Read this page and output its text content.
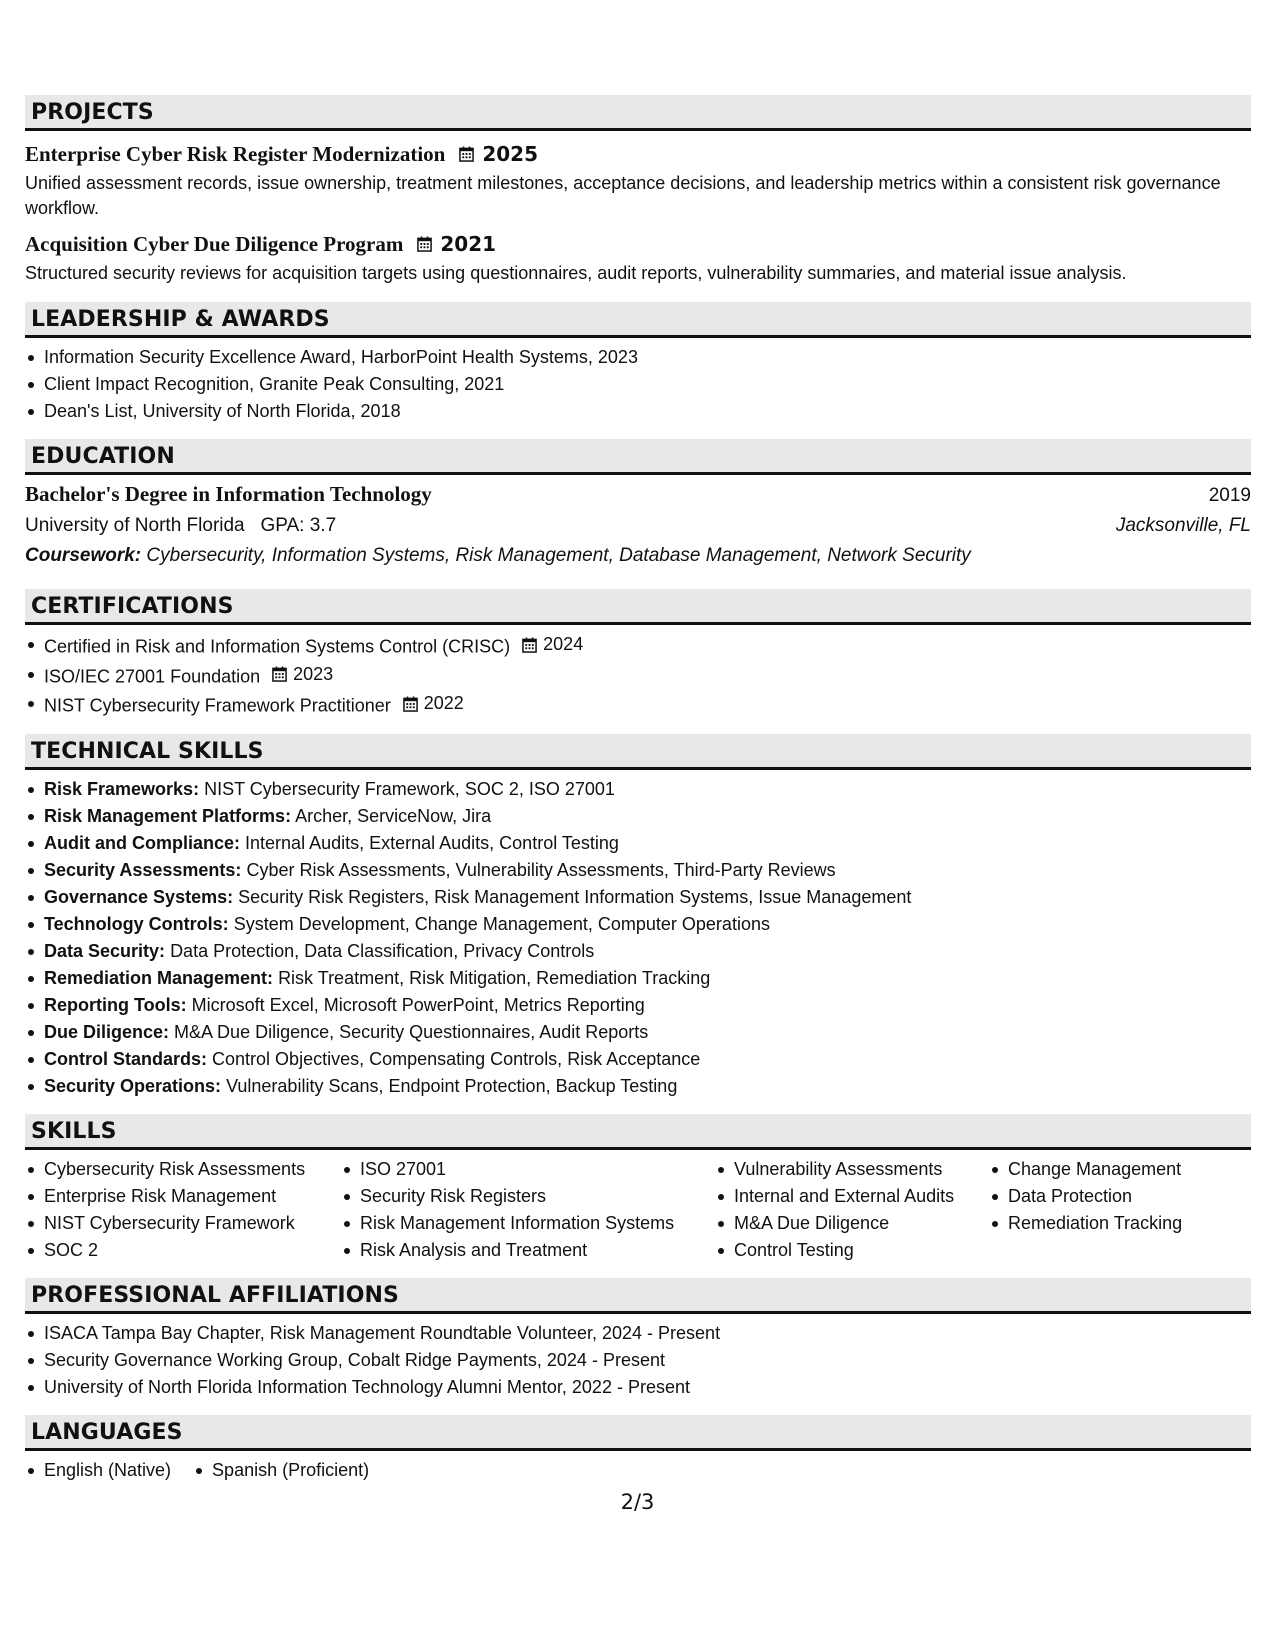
PROJECTS
Enterprise Cyber Risk Register Modernization 2025
Unified assessment records, issue ownership, treatment milestones, acceptance decisions, and leadership metrics within a consistent risk governance workflow.
Acquisition Cyber Due Diligence Program 2021
Structured security reviews for acquisition targets using questionnaires, audit reports, vulnerability summaries, and material issue analysis.
LEADERSHIP & AWARDS
Information Security Excellence Award, HarborPoint Health Systems, 2023
Client Impact Recognition, Granite Peak Consulting, 2021
Dean's List, University of North Florida, 2018
EDUCATION
Bachelor's Degree in Information Technology	2019
University of North Florida GPA: 3.7	Jacksonville, FL
Coursework: Cybersecurity, Information Systems, Risk Management, Database Management, Network Security
CERTIFICATIONS
Certified in Risk and Information Systems Control (CRISC) 2024
ISO/IEC 27001 Foundation 2023
NIST Cybersecurity Framework Practitioner 2022
TECHNICAL SKILLS
Risk Frameworks: NIST Cybersecurity Framework, SOC 2, ISO 27001
Risk Management Platforms: Archer, ServiceNow, Jira
Audit and Compliance: Internal Audits, External Audits, Control Testing
Security Assessments: Cyber Risk Assessments, Vulnerability Assessments, Third-Party Reviews
Governance Systems: Security Risk Registers, Risk Management Information Systems, Issue Management
Technology Controls: System Development, Change Management, Computer Operations
Data Security: Data Protection, Data Classification, Privacy Controls
Remediation Management: Risk Treatment, Risk Mitigation, Remediation Tracking
Reporting Tools: Microsoft Excel, Microsoft PowerPoint, Metrics Reporting
Due Diligence: M&A Due Diligence, Security Questionnaires, Audit Reports
Control Standards: Control Objectives, Compensating Controls, Risk Acceptance
Security Operations: Vulnerability Scans, Endpoint Protection, Backup Testing
SKILLS
Cybersecurity Risk Assessments
Enterprise Risk Management
NIST Cybersecurity Framework
SOC 2
ISO 27001
Security Risk Registers
Risk Management Information Systems
Risk Analysis and Treatment
Vulnerability Assessments
Internal and External Audits
M&A Due Diligence
Control Testing
Change Management
Data Protection
Remediation Tracking
PROFESSIONAL AFFILIATIONS
ISACA Tampa Bay Chapter, Risk Management Roundtable Volunteer, 2024 - Present
Security Governance Working Group, Cobalt Ridge Payments, 2024 - Present
University of North Florida Information Technology Alumni Mentor, 2022 - Present
LANGUAGES
English (Native)	Spanish (Proficient)
2/3
